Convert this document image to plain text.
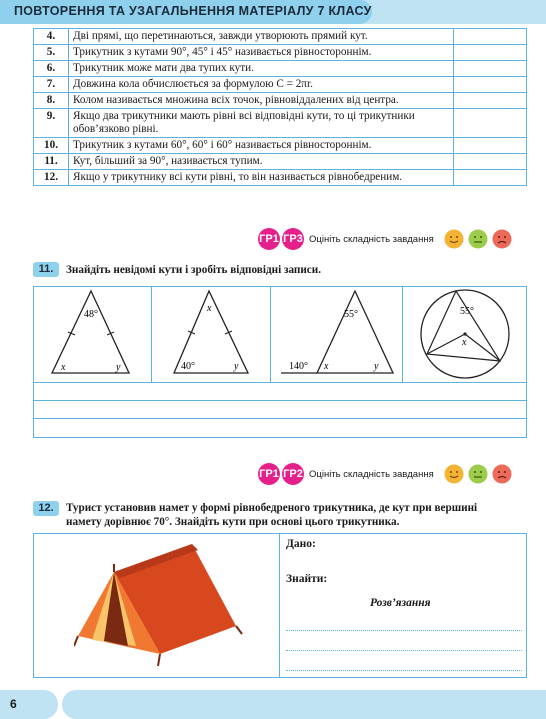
ПОВТОРЕННЯ ТА УЗАГАЛЬНЕННЯ МАТЕРІАЛУ 7 КЛАСУ
4.	Дві прямі, що перетинаються, завжди утворюють прямий кут.	
5.	Трикутник з кутами 90°, 45° і 45° називається рівностороннім.	
6.	Трикутник може мати два тупих кути.	
7.	Довжина кола обчислюється за формулою C = 2πr.	
8.	Колом називається множина всіх точок, рівновіддалених від центра.	
9.	Якщо два трикутники мають рівні всі відповідні кути, то ці трикутники обов’язково рівні.	
10.	Трикутник з кутами 60°, 60° і 60° називається рівностороннім.	
11.	Кут, більший за 90°, називається тупим.	
12.	Якщо у трикутнику всі кути рівні, то він називається рівнобедреним.	
ГР1 ГР3 Оцініть складність завдання
11.	Знайдіть невідомі кути і зробіть відповідні записи.
48°
x	y
x
40°	y
55°
140° x	y
55°
x
ГР1 ГР2 Оцініть складність завдання
12.	Турист установив намет у формі рівнобедреного трикутника, де кут при вершині
намету дорівнює 70°. Знайдіть кути при основі цього трикутника.
Дано:
Знайти:
Розв’язання
6
